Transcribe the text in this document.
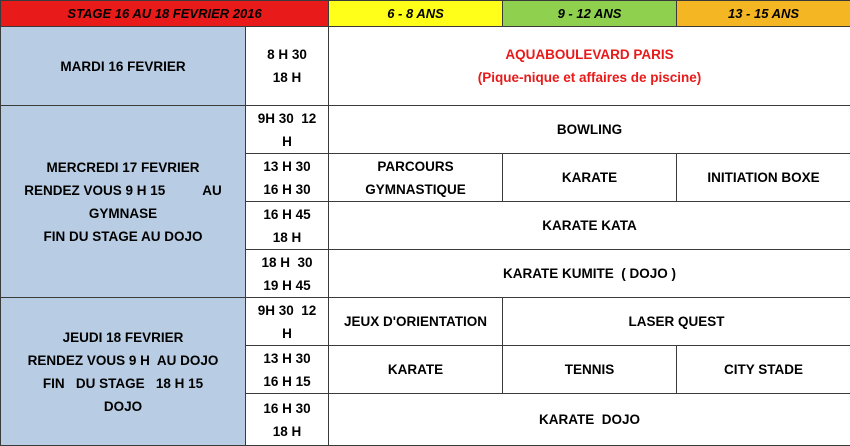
STAGE 16 AU 18 FEVRIER 2016		6 - 8 ANS	9 - 12 ANS	13 - 15 ANS

MARDI 16 FEVRIER	8 H 30
18 H	AQUABOULEVARD PARIS
(Pique-nique et affaires de piscine)		

MERCREDI 17 FEVRIER
RENDEZ VOUS 9 H 15          AU
GYMNASE
FIN DU STAGE AU DOJO	9H 30  12
H	BOWLING		

	13 H 30
16 H 30	PARCOURS GYMNASTIQUE	KARATE	INITIATION BOXE

	16 H 45
18 H	KARATE KATA		

	18 H  30
19 H 45	KARATE KUMITE  ( DOJO )		

JEUDI 18 FEVRIER
RENDEZ VOUS 9 H  AU DOJO
FIN   DU STAGE   18 H 15
DOJO	9H 30  12
H	JEUX D'ORIENTATION	LASER QUEST	

	13 H 30
16 H 15	KARATE	TENNIS	CITY STADE

	16 H 30
18 H	KARATE  DOJO		
